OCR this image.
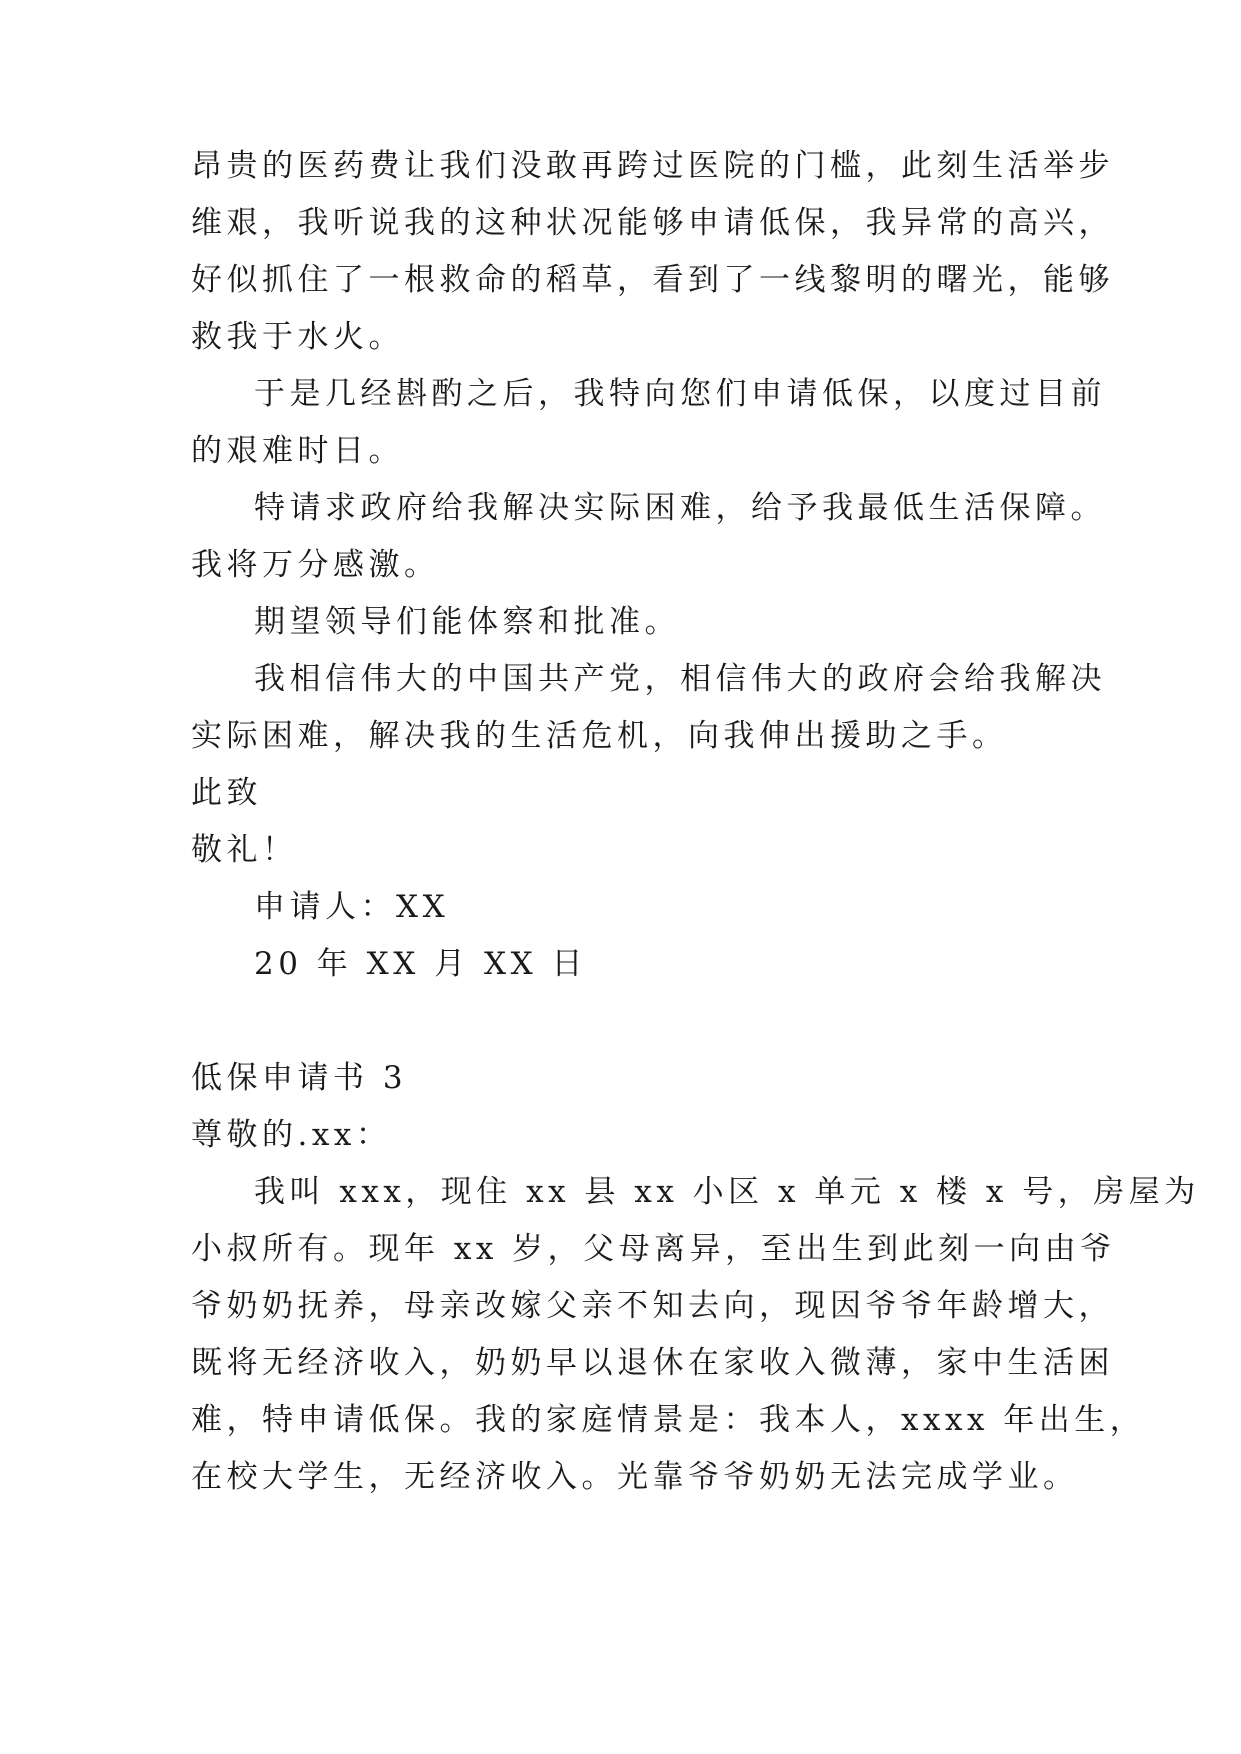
昂贵的医药费让我们没敢再跨过医院的门槛，此刻生活举步
维艰，我听说我的这种状况能够申请低保，我异常的高兴，
好似抓住了一根救命的稻草，看到了一线黎明的曙光，能够
救我于水火。
于是几经斟酌之后，我特向您们申请低保，以度过目前
的艰难时日。
特请求政府给我解决实际困难，给予我最低生活保障。
我将万分感激。
期望领导们能体察和批准。
我相信伟大的中国共产党，相信伟大的政府会给我解决
实际困难，解决我的生活危机，向我伸出援助之手。
此致
敬礼！
申请人：XX
20 年 XX 月 XX 日
低保申请书 3
尊敬的.xx：
我叫 xxx，现住 xx 县 xx 小区 x 单元 x 楼 x 号，房屋为
小叔所有。现年 xx 岁，父母离异，至出生到此刻一向由爷
爷奶奶抚养，母亲改嫁父亲不知去向，现因爷爷年龄增大，
既将无经济收入，奶奶早以退休在家收入微薄，家中生活困
难，特申请低保。我的家庭情景是：我本人，xxxx 年出生，
在校大学生，无经济收入。光靠爷爷奶奶无法完成学业。
